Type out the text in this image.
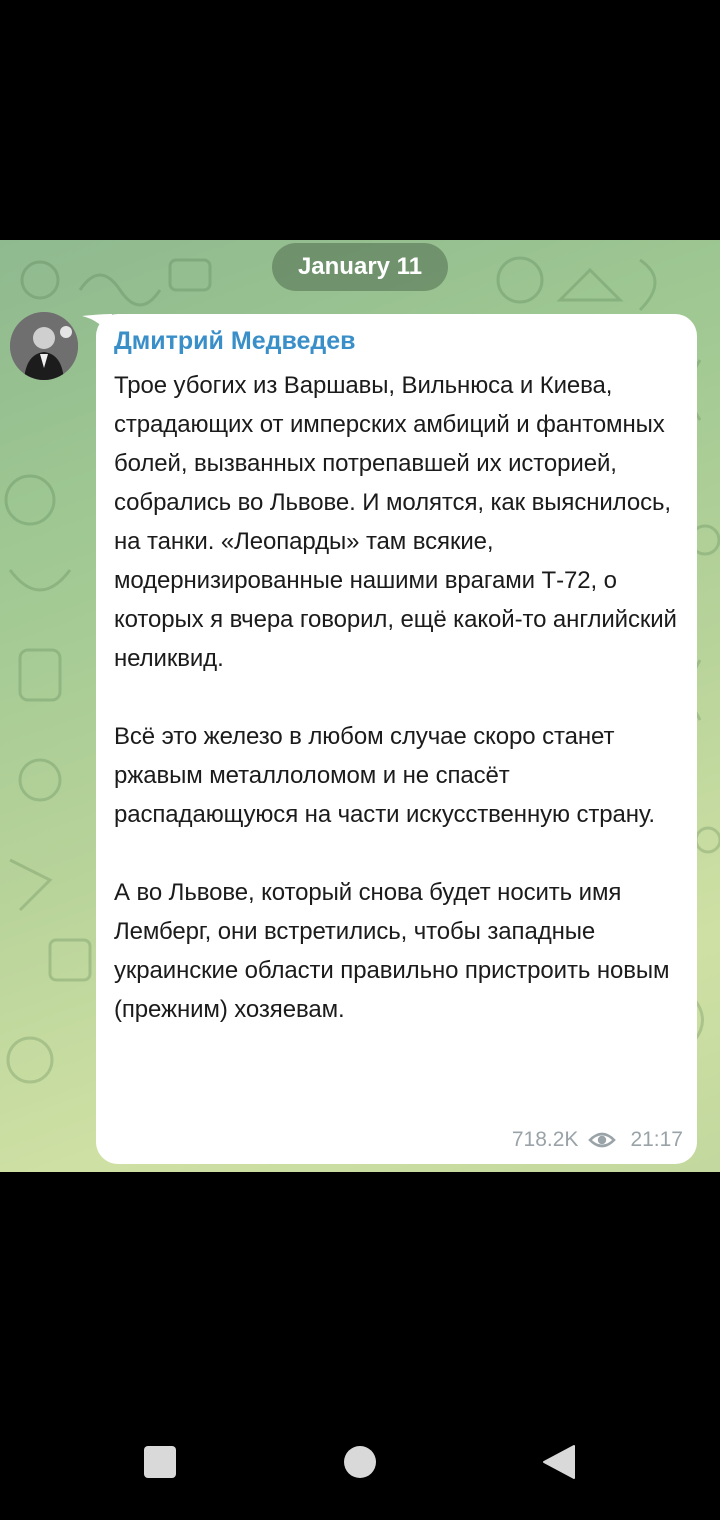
January 11
Дмитрий Медведев

Трое убогих из Варшавы, Вильнюса и Киева, страдающих от имперских амбиций и фантомных болей, вызванных потрепавшей их историей, собрались во Львове. И молятся, как выяснилось, на танки. «Леопарды» там всякие, модернизированные нашими врагами Т-72, о которых я вчера говорил, ещё какой-то английский неликвид.

Всё это железо в любом случае скоро станет ржавым металлоломом и не спасёт распадающуюся на части искусственную страну.

А во Львове, который снова будет носить имя Лемберг, они встретились, чтобы западные украинские области правильно пристроить новым (прежним) хозяевам.

718.2K 21:17
